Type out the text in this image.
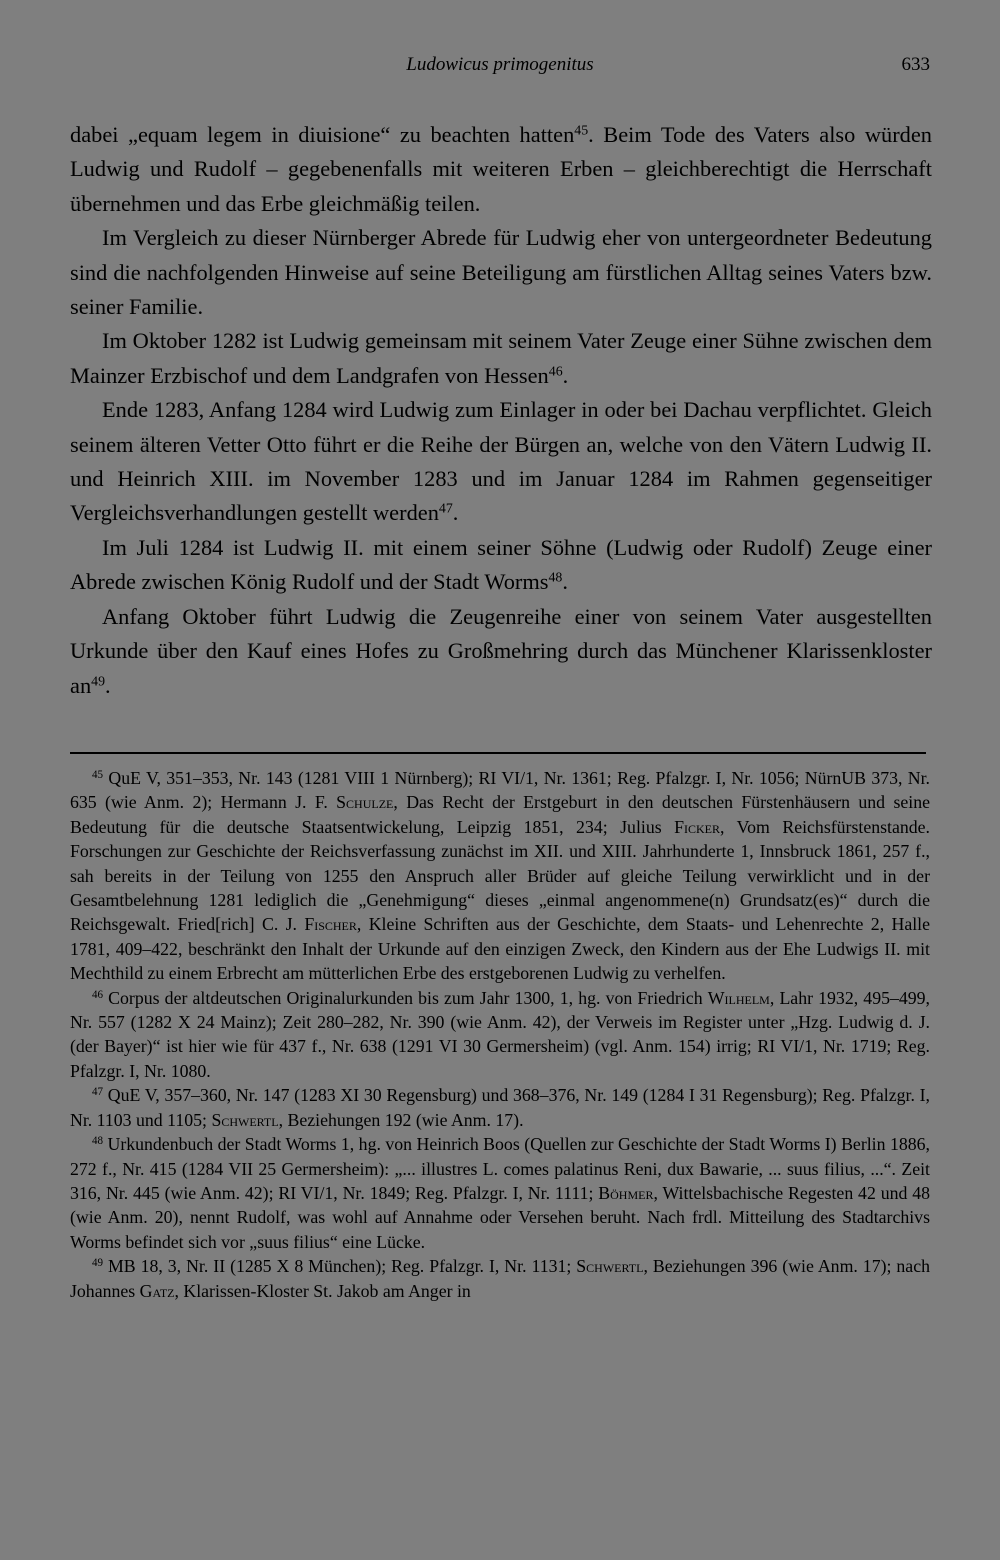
Ludowicus primogenitus	633

dabei „equam legem in diuisione“ zu beachten hatten$^{45}$. Beim Tode des Vaters also würden Ludwig und Rudolf – gegebenenfalls mit weiteren Erben – gleichberechtigt die Herrschaft übernehmen und das Erbe gleichmäßig teilen.

Im Vergleich zu dieser Nürnberger Abrede für Ludwig eher von untergeordneter Bedeutung sind die nachfolgenden Hinweise auf seine Beteiligung am fürstlichen Alltag seines Vaters bzw. seiner Familie.

Im Oktober 1282 ist Ludwig gemeinsam mit seinem Vater Zeuge einer Sühne zwischen dem Mainzer Erzbischof und dem Landgrafen von Hessen$^{46}$.

Ende 1283, Anfang 1284 wird Ludwig zum Einlager in oder bei Dachau verpflichtet. Gleich seinem älteren Vetter Otto führt er die Reihe der Bürgen an, welche von den Vätern Ludwig II. und Heinrich XIII. im November 1283 und im Januar 1284 im Rahmen gegenseitiger Vergleichsverhandlungen gestellt werden$^{47}$.

Im Juli 1284 ist Ludwig II. mit einem seiner Söhne (Ludwig oder Rudolf) Zeuge einer Abrede zwischen König Rudolf und der Stadt Worms$^{48}$.

Anfang Oktober führt Ludwig die Zeugenreihe einer von seinem Vater ausgestellten Urkunde über den Kauf eines Hofes zu Großmehring durch das Münchener Klarissenkloster $an^{49}$.

$^{45}$ QuE V, 351–353, Nr. 143 (1281 VIII 1 Nürnberg); RI VI/1, Nr. 1361; Reg. Pfalzgr. I, Nr. 1056; NürnUB 373, Nr. 635 (wie Anm. 2); Hermann J. F. Schulze, Das Recht der Erstgeburt in den deutschen Fürstenhäusern und seine Bedeutung für die deutsche Staatsentwickelung, Leipzig 1851, 234; Julius Ficker, Vom Reichsfürstenstande. Forschungen zur Geschichte der Reichsverfassung zunächst im XII. und XIII. Jahrhunderte 1, Innsbruck 1861, 257 f., sah bereits in der Teilung von 1255 den Anspruch aller Brüder auf gleiche Teilung verwirklicht und in der Gesamtbelehnung 1281 lediglich die „Genehmigung“ dieses „einmal angenommene(n) Grundsatz(es)“ durch die Reichsgewalt. Fried[rich] C. J. Fischer, Kleine Schriften aus der Geschichte, dem Staats- und Lehenrechte 2, Halle 1781, 409–422, beschränkt den Inhalt der Urkunde auf den einzigen Zweck, den Kindern aus der Ehe Ludwigs II. mit Mechthild zu einem Erbrecht am mütterlichen Erbe des erstgeborenen Ludwig zu verhelfen.

$^{46}$ Corpus der altdeutschen Originalurkunden bis zum Jahr 1300, 1, hg. von Friedrich Wilhelm, Lahr 1932, 495–499, Nr. 557 (1282 X 24 Mainz); Zeit 280–282, Nr. 390 (wie Anm. 42), der Verweis im Register unter „Hzg. Ludwig d. J. (der Bayer)“ ist hier wie für 437 f., Nr. 638 (1291 VI 30 Germersheim) (vgl. Anm. 154) irrig; RI VI/1, Nr. 1719; Reg. Pfalzgr. I, Nr. 1080.

$^{47}$ QuE V, 357–360, Nr. 147 (1283 XI 30 Regensburg) und 368–376, Nr. 149 (1284 I 31 Regensburg); Reg. Pfalzgr. I, Nr. 1103 und 1105; Schwertl, Beziehungen 192 (wie Anm. 17).

$^{48}$ Urkundenbuch der Stadt Worms 1, hg. von Heinrich Boos (Quellen zur Geschichte der Stadt Worms I) Berlin 1886, 272 f., Nr. 415 (1284 VII 25 Germersheim): „... illustres L. comes palatinus Reni, dux Bawarie, ... suus filius, ...“. Zeit 316, Nr. 445 (wie Anm. 42); RI VI/1, Nr. 1849; Reg. Pfalzgr. I, Nr. 1111; Böhmer, Wittelsbachische Regesten 42 und 48 (wie Anm. 20), nennt Rudolf, was wohl auf Annahme oder Versehen beruht. Nach frdl. Mitteilung des Stadtarchivs Worms befindet sich vor „suus filius“ eine Lücke.

$^{49}$ MB 18, 3, Nr. II (1285 X 8 München); Reg. Pfalzgr. I, Nr. 1131; Schwertl, Beziehungen 396 (wie Anm. 17); nach Johannes Gatz, Klarissen-Kloster St. Jakob am Anger in
